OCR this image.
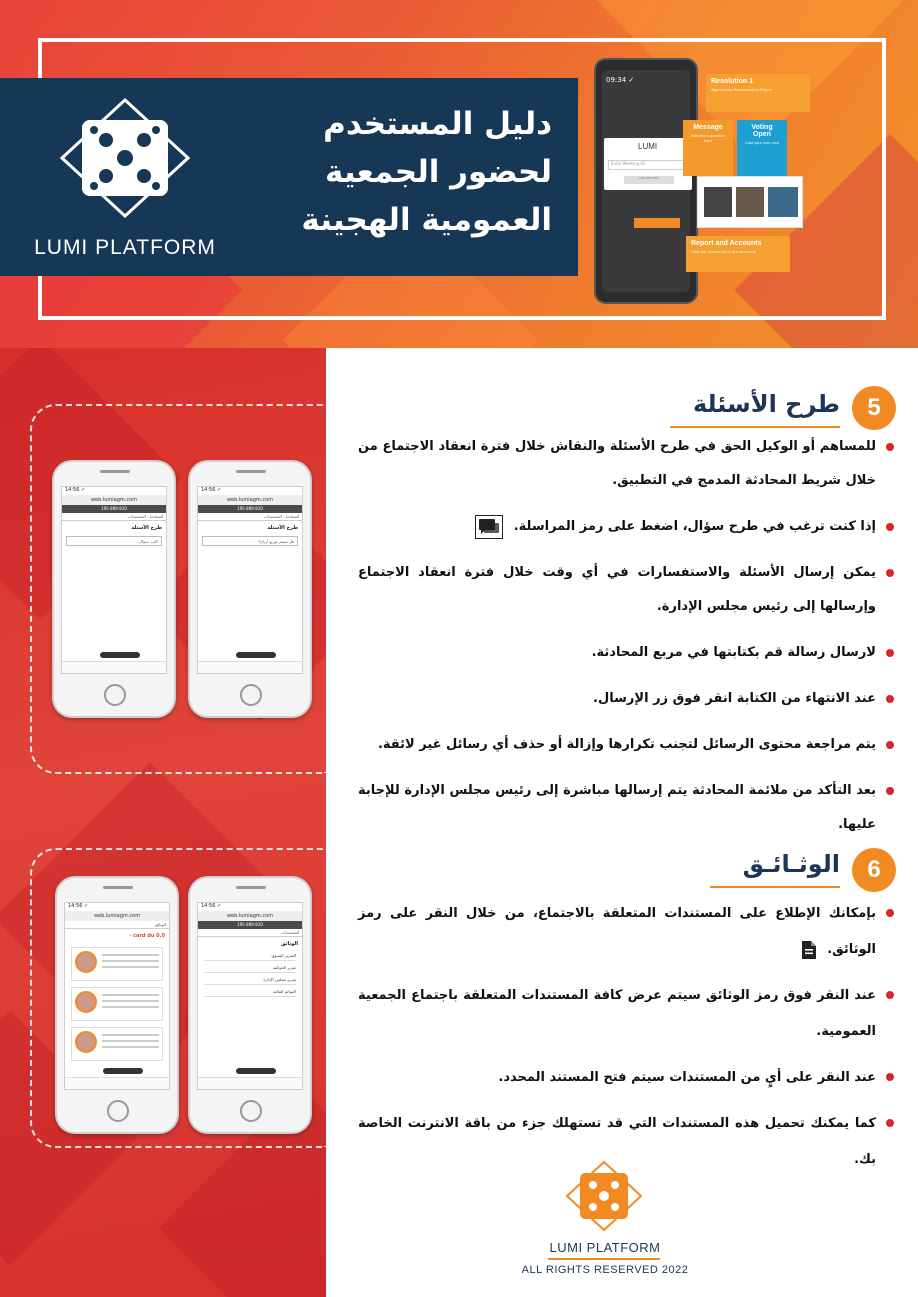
LUMI PLATFORM
دليل المستخدم
لحضور الجمعية
العمومية الهجينة
09:34 ✓
LUMI
Enter Meeting ID
JOIN MEETING
Resolution 1
Approve the Remuneration Report
Message
Ask and a question here
Voting Open
Cast your vote now
Report and Accounts
View the annual report and accounts
14:56 ✓
web.lumiagm.com
195-889-830
المحادثة · المستندات
طرح الأسئلة
اكتب سؤال...
14:56 ✓
web.lumiagm.com
195-889-830
المحادثة · المستندات
طرح الأسئلة
هل سيتم توزيع أرباح؟
14:56 ✓
web.lumiagm.com
الوثائق
card du 0.0 ‹
14:56 ✓
web.lumiagm.com
195-889-830
المستندات
الوثائق
التقرير السنوي
تقرير الحوكمة
تقرير مجلس الإدارة
القوائم المالية
5
طرح الأسئلة
للمساهم أو الوكيل الحق في طرح الأسئلة والنقاش خلال فترة انعقاد الاجتماع من خلال شريط المحادثة المدمج في التطبيق.
إذا كنت ترغب في طرح سؤال، اضغط على رمز المراسلة.
يمكن إرسال الأسئلة والاستفسارات في أي وقت خلال فترة انعقاد الاجتماع وإرسالها إلى رئيس مجلس الإدارة.
لارسال رسالة قم بكتابتها في مربع المحادثة.
عند الانتهاء من الكتابة انقر فوق زر الإرسال.
يتم مراجعة محتوى الرسائل لتجنب تكرارها وإزالة أو حذف أي رسائل غير لائقة.
بعد التأكد من ملائمة المحادثة يتم إرسالها مباشرة إلى رئيس مجلس الإدارة للإجابة عليها.
6
الوثـائـق
بإمكانك الإطلاع على المستندات المتعلقة بالاجتماع، من خلال النقر على رمز الوثائق.
عند النقر فوق رمز الوثائق سيتم عرض كافة المستندات المتعلقة باجتماع الجمعية العمومية.
عند النقر على أيٍ من المستندات سيتم فتح المستند المحدد.
كما يمكنك تحميل هذه المستندات التي قد تستهلك جزء من باقة الانترنت الخاصة بك.
LUMI PLATFORM
ALL RIGHTS RESERVED 2022
